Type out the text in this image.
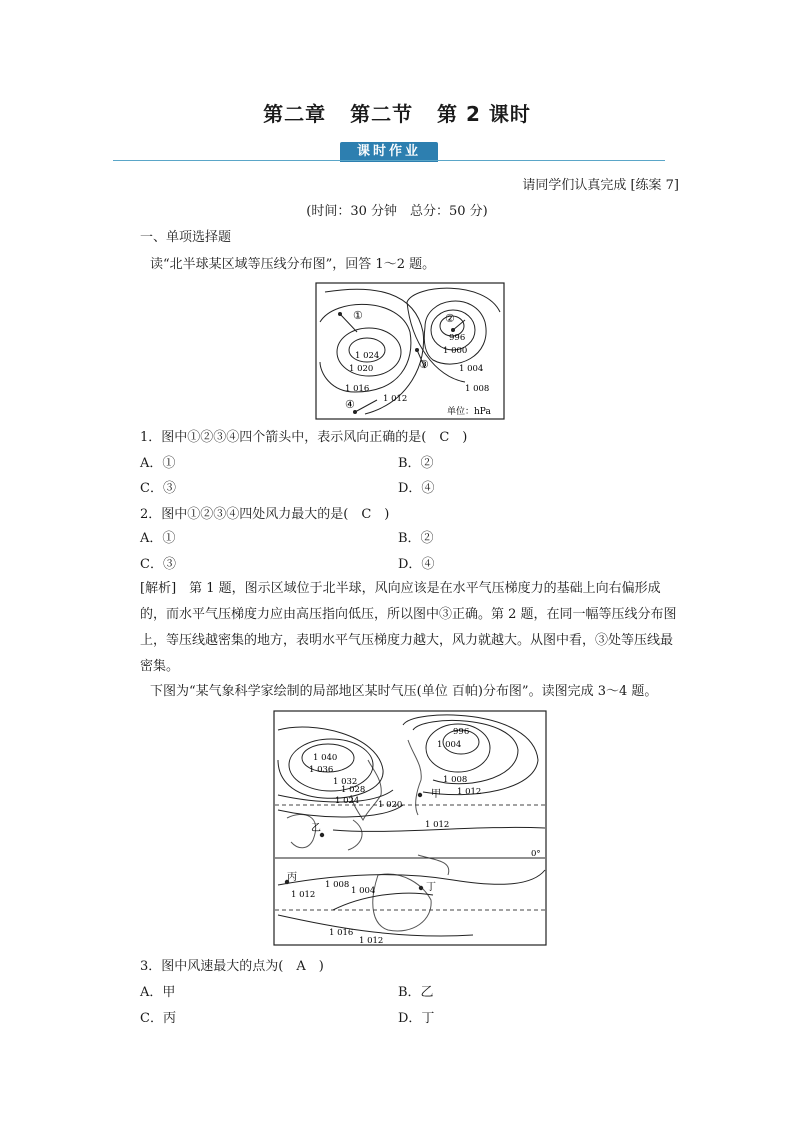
第二章 第二节 第 2 课时
课时作业
请同学们认真完成 [练案 7]
(时间：30 分钟　总分：50 分)
一、单项选择题
读“北半球某区域等压线分布图”，回答 1～2 题。
①	②
③
④
1 024
1 020
1 016
1 012
996
1 000
1 004
1 008
单位：hPa
1．图中①②③④四个箭头中，表示风向正确的是(　C　)
A．①	B．②
C．③	D．④
2．图中①②③④四处风力最大的是(　C　)
A．①	B．②
C．③	D．④
[解析]　第 1 题，图示区域位于北半球，风向应该是在水平气压梯度力的基础上向右偏形成的，而水平气压梯度力应由高压指向低压，所以图中③正确。第 2 题，在同一幅等压线分布图上，等压线越密集的地方，表明水平气压梯度力越大，风力就越大。从图中看，③处等压线最密集。
下图为“某气象科学家绘制的局部地区某时气压(单位 百帕)分布图”。读图完成 3～4 题。
0°
甲
乙
丙
丁
1 040
1 036
1 032
1 028
1 024 1 020
1 012
996
1 004
1 008
1 012
1 008
1 012	1 004
1 016
1 012
3．图中风速最大的点为(　A　)
A．甲	B．乙
C．丙	D．丁
